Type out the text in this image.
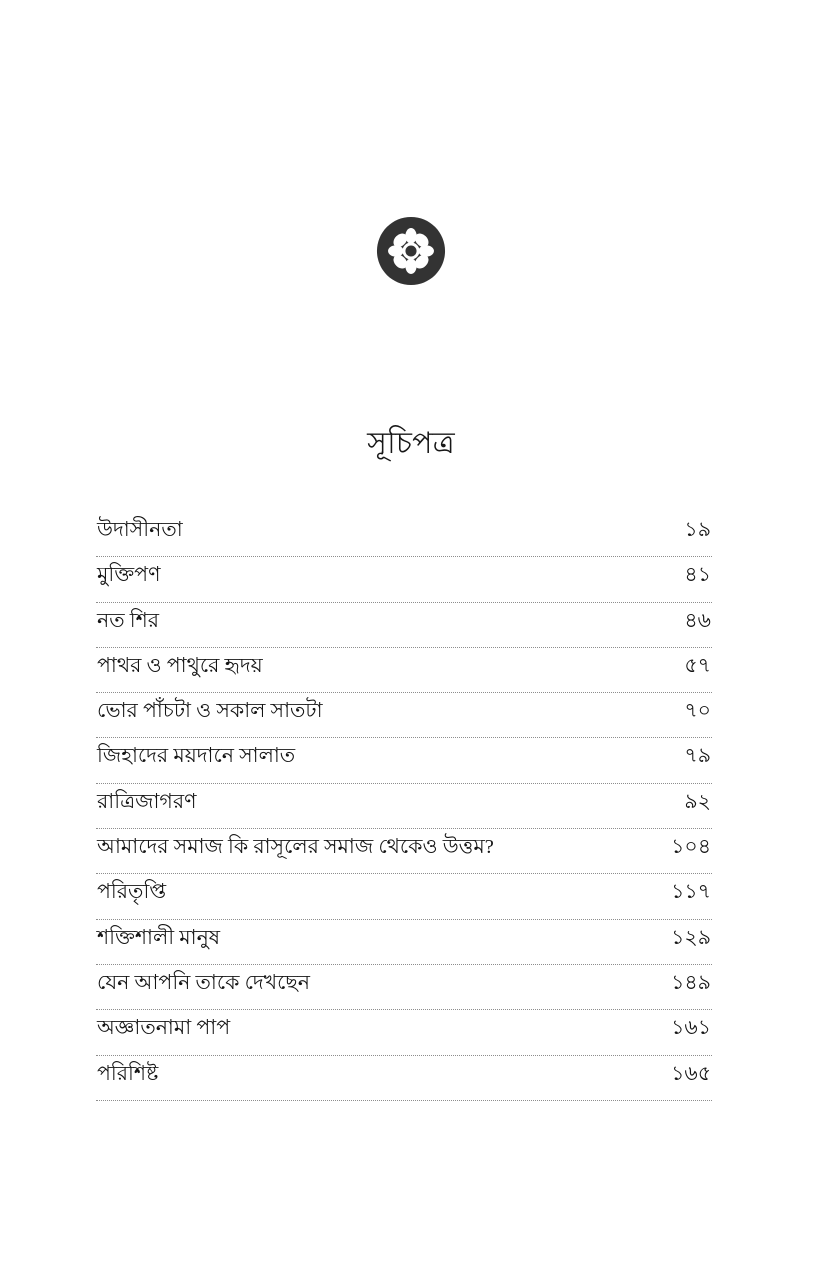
সূচিপত্র
উদাসীনতা	১৯
মুক্তিপণ	৪১
নত শির	৪৬
পাথর ও পাথুরে হৃদয়	৫৭
ভোর পাঁচটা ও সকাল সাতটা	৭০
জিহাদের ময়দানে সালাত	৭৯
রাত্রিজাগরণ	৯২
আমাদের সমাজ কি রাসূলের সমাজ থেকেও উত্তম?	১০৪
পরিতৃপ্তি	১১৭
শক্তিশালী মানুষ	১২৯
যেন আপনি তাকে দেখছেন	১৪৯
অজ্ঞাতনামা পাপ	১৬১
পরিশিষ্ট	১৬৫
